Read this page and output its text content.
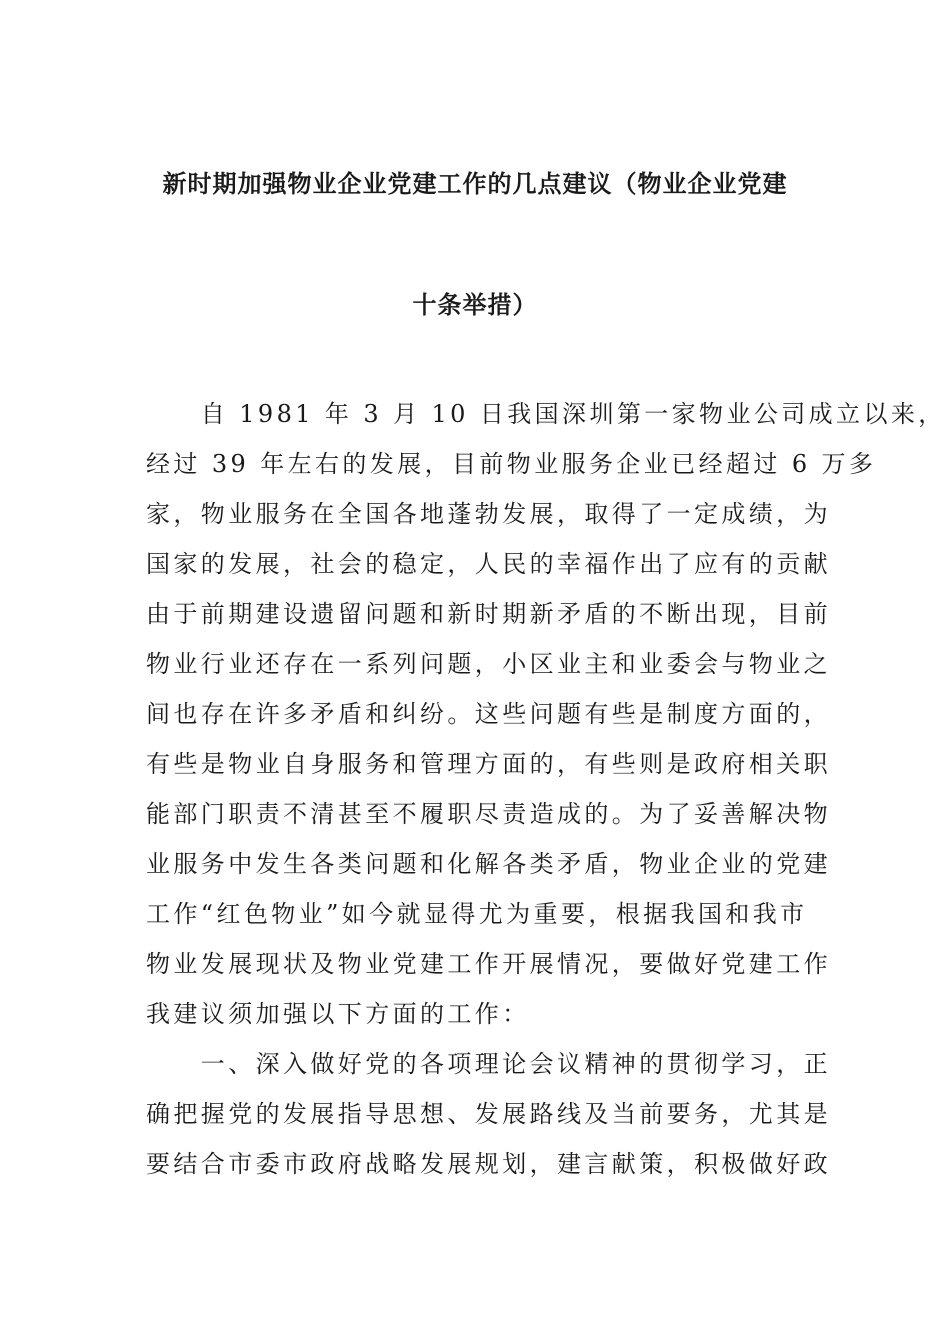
新时期加强物业企业党建工作的几点建议（物业企业党建
十条举措）
　　自 1981 年 3 月 10 日我国深圳第一家物业公司成立以来，
经过 39 年左右的发展，目前物业服务企业已经超过 6 万多
家，物业服务在全国各地蓬勃发展，取得了一定成绩，为
国家的发展，社会的稳定，人民的幸福作出了应有的贡献
由于前期建设遗留问题和新时期新矛盾的不断出现，目前
物业行业还存在一系列问题，小区业主和业委会与物业之
间也存在许多矛盾和纠纷。这些问题有些是制度方面的，
有些是物业自身服务和管理方面的，有些则是政府相关职
能部门职责不清甚至不履职尽责造成的。为了妥善解决物
业服务中发生各类问题和化解各类矛盾，物业企业的党建
工作“红色物业”如今就显得尤为重要，根据我国和我市
物业发展现状及物业党建工作开展情况，要做好党建工作
我建议须加强以下方面的工作：
　　一、深入做好党的各项理论会议精神的贯彻学习，正
确把握党的发展指导思想、发展路线及当前要务，尤其是
要结合市委市政府战略发展规划，建言献策，积极做好政
